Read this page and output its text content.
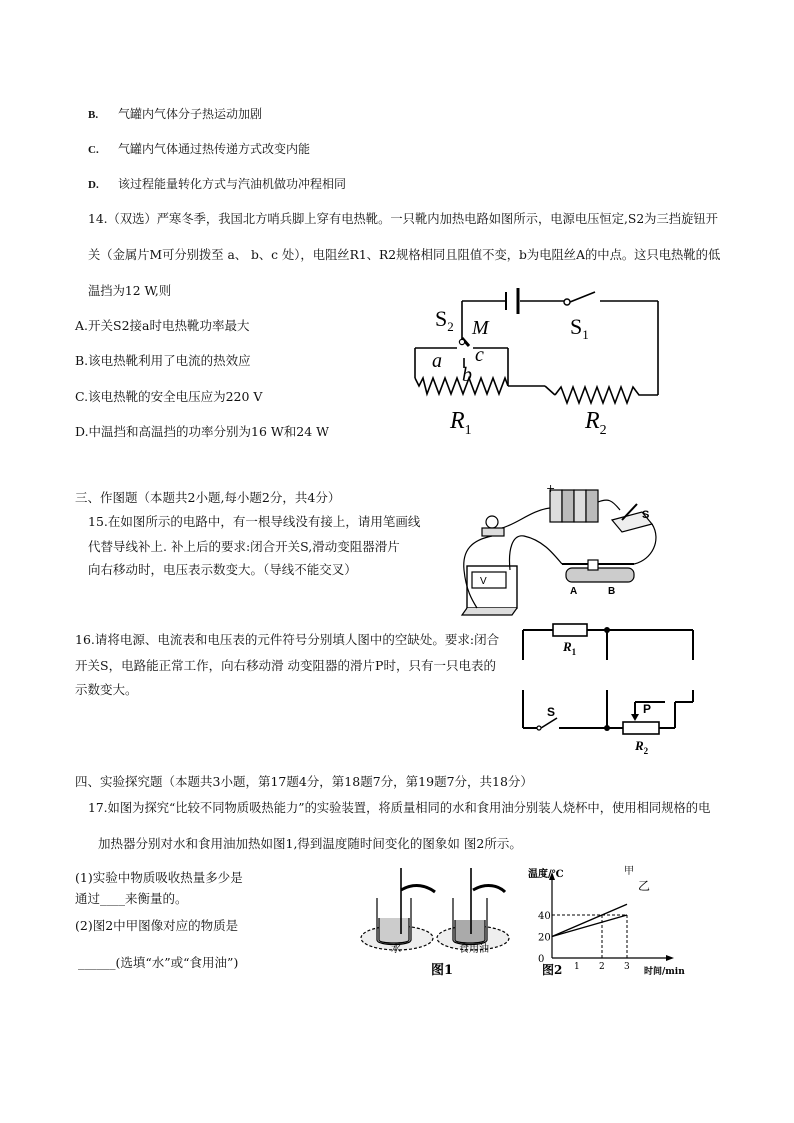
B. 气罐内气体分子热运动加剧
C. 气罐内气体通过热传递方式改变内能
D. 该过程能量转化方式与汽油机做功冲程相同
14.（双选）严寒冬季，我国北方哨兵脚上穿有电热靴。一只靴内加热电路如图所示，电源电压恒定,S2为三挡旋钮开
关（金属片M可分别拨至 a、 b、c 处），电阻丝R1、R2规格相同且阻值不变，b为电阻丝A的中点。这只电热靴的低
温挡为12 W,则
A.开关S2接a时电热靴功率最大
B.该电热靴利用了电流的热效应
C.该电热靴的安全电压应为220 V
D.中温挡和高温挡的功率分别为16 W和24 W
$S_2$ M	$S_1$
a c
b
$R_1$	$R_2$
三、作图题（本题共2小题,每小题2分，共4分）
15.在如图所示的电路中，有一根导线没有接上，请用笔画线
代替导线补上. 补上后的要求:闭合开关S,滑动变阻器滑片
向右移动时，电压表示数变大。（导线不能交叉）
+
V
S
A	B
16.请将电源、电流表和电压表的元件符号分别填人图中的空缺处。要求:闭合
开关S，电路能正常工作，向右移动滑 动变阻器的滑片P时，只有一只电表的
示数变大。
$R_1$
S	P
$R_2$
四、实验探究题（本题共3小题，第17题4分，第18题7分，第19题7分，共18分）
17.如图为探究“比较不同物质吸热能力”的实验装置，将质量相同的水和食用油分别装人烧杯中，使用相同规格的电
加热器分别对水和食用油加热如图1,得到温度随时间变化的图象如 图2所示。
(1)实验中物质吸收热量多少是
通过____来衡量的。
(2)图2中甲图像对应的物质是
______(选填“水”或“食用油”)
水	食用油
图1
0
20
40
1 2 3
温度/℃
时间/min
图2
甲
乙
